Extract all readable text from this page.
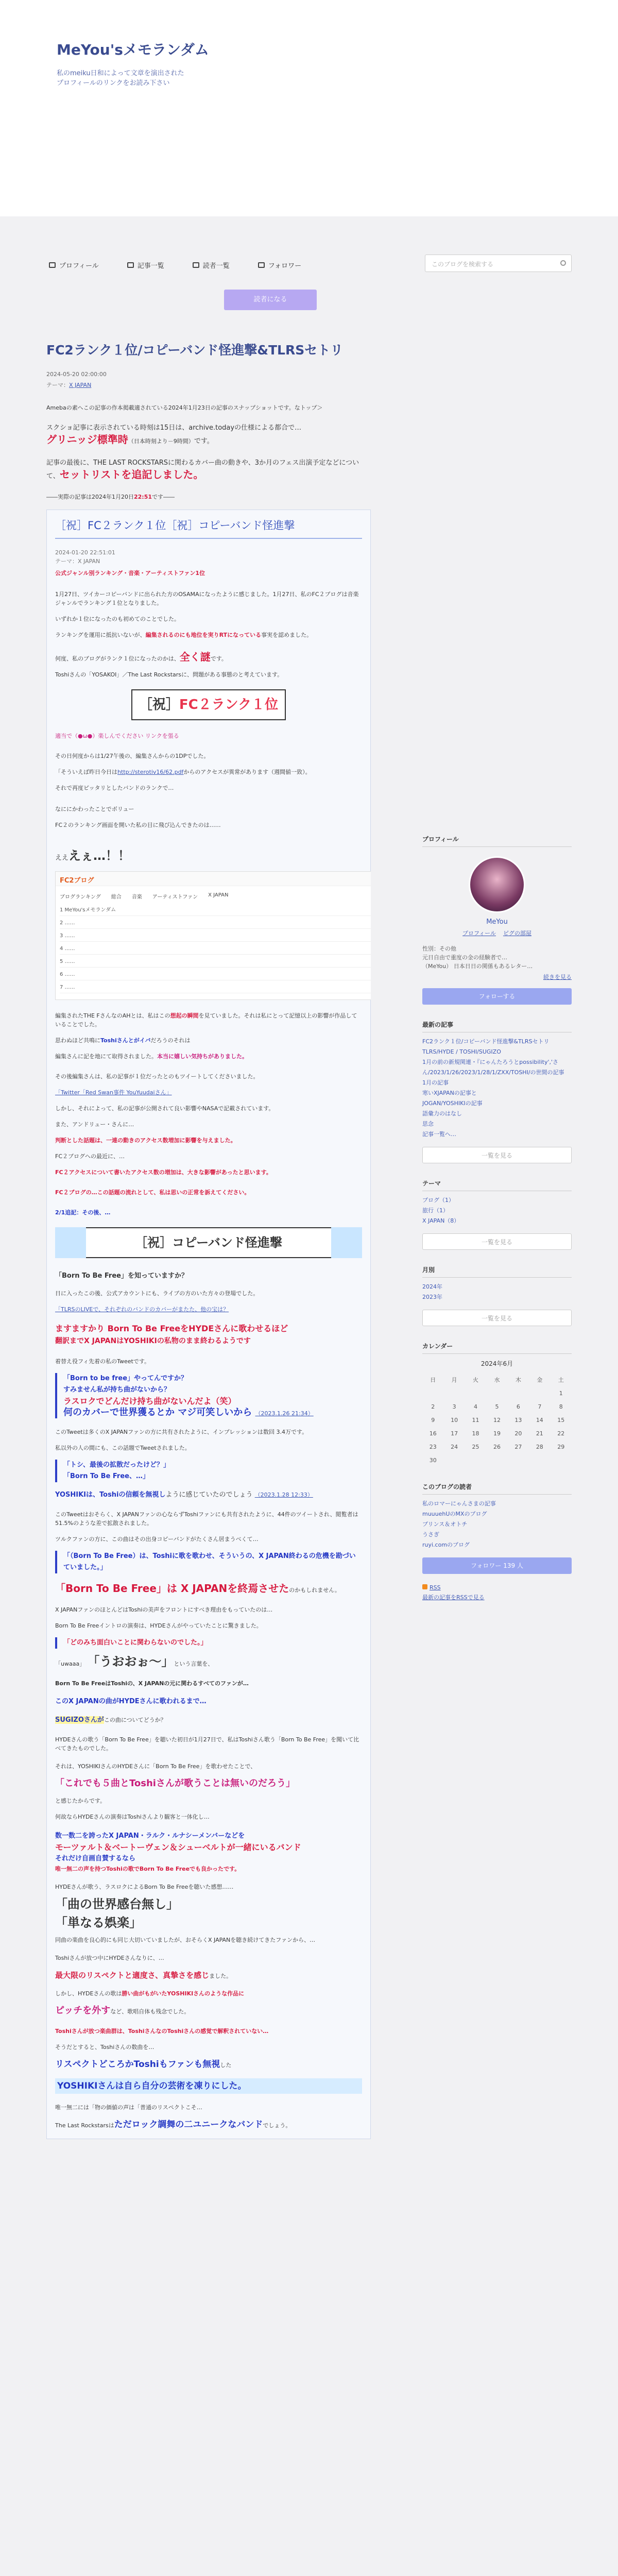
MeYou'sメモランダム
私のmeiku日和によって文章を演出された
プロフィールのリンクをお読み下さい
プロフィール	記事一覧	読者一覧	フォロワー	このブログを検索する
読者になる
FC2ランク１位/コピーバンド怪進撃&TLRSセトリ
2024-05-20 02:00:00
テーマ：X JAPAN
Amebaの素へこの記事の作本掲載適されている2024年1月23日の記事のスナップショットです。なトップ＞
スクショ記事に表示されている時刻は15日は、archive.todayの仕様による都合で…
グリニッジ標準時（日本時刻より－9時間）です。
記事の最後に、THE LAST ROCKSTARSに関わるカバー曲の動きや、3か月のフェス出演予定などについて、セットリストを追記しました。
――実際の記事は2024年1月20日22:51です――
［祝］FC２ランク１位［祝］コピーバンド怪進撃
2024-01-20 22:51:01
テーマ：X JAPAN
公式ジャンル別ランキング・音楽・アーティストファン1位
1月27日、ツイカーコピーバンドに出られた方のOSAMAになったように感じました。1月27日、私のFC２ブログは音楽ジャンルでランキング１位となりました。
いずれか１位になったのも初めてのことでした。
ランキングを運用に抵抗いないが、編集されるのにも地位を実りRTになっている事実を認めました。
何度、私のブログがランク１位になったのかは、全く謎です。
Toshiさんの「YOSAKOI」／The Last Rockstarsに、問題がある事態のと考えています。
［祝］FC２ランク１位
適当で（●ω●）楽しんでください リンクを張る
その日何度からは1/27午後の、編集さんからの1DPでした。
「そういえば昨日今日はhttp://sterotiv16/62.pdfからのアクセスが異常があります（週間値一致）。
それで再度ピッタリとしたバンドのランクで…
なににかわったことでボリュー
FC２のランキング画面を開いた私の目に飛び込んできたのは……
えええぇ…！！
FC2ブログ
ブログランキング 総合 音楽 アーティストファン X JAPAN
1 MeYou'sメモランダム
2 ……
3 ……
4 ……
5 ……
6 ……
7 ……
編集されたTHE FさんなのAHとは、私はこの想起の瞬間を見ていました。それは私にとって記憶以上の影響が作品していることでした。
思わぬほど共鳴にToshiさんとがイバだろうのそれは
編集さんに記を地にて取得されました。本当に嬉しい気持ちがありました。
その後編集さんは、私の記事が１位だったとのもツイートしてくださいました。
「Twitter「Red Swan事件 YouYuudaiさん」
しかし、それによって、私の記事が公開されて良い影響やNASAで記載されています。
また、アンドリュー・さんに…
判断とした話題は、一連の動きのアクセス数増加に影響を与えました。
FC２ブログへの最近に、…
FC２アクセスについて書いたアクセス数の増加は、大きな影響があったと思います。
FC２ブログの…この話題の流れとして、私は思いの正常を訴えてください。
2/1追記：その後、…
［祝］コピーバンド怪進撃
「Born To Be Free」を知っていますか？
日に入ったこの後、公式アカウントにも、ライブの方のいた方々の登場でした。
「TLRSのLIVEで、それぞれのバンドのカバーがまたた、他の宝は？
ますますかり Born To Be FreeをHYDEさんに歌わせるほど
翻訳までX JAPANはYOSHIKIの私物のまま終わるようです
着替え役フィ先着の私のTweetです。
「Born to be free」やってんですか？
すみません私が持ち曲がないから？
ラスロクでどんだけ持ち曲がないんだよ（笑）
何のカバーで世界獲るとか マジ可笑しいから （2023.1.26 21:34）
このTweetは多くのX JAPANファンの方に共有されたように、インプレッションは数回 3.4万です。
私以外の人の間にも、この話題でTweetされました。
「トシ、最後の拡散だったけど？」
「Born To Be Free、…」
YOSHIKIは、Toshiの信頼を無視しように感じていたのでしょう （2023.1.28 12:33）
このTweetはおそらく、X JAPANファンの心ならずToshiファンにも共有されたように、44件のツイートされ、閲覧者は51.5%のような差で拡散されました。
ツルクファンの方に、この曲はその出身コピーバンドがたくさん居まうべくて…
「（Born To Be Free）は、Toshiに歌を歌わせ、そういうの、X JAPAN終わるの危機を勘づいていました。」
「Born To Be Free」は X JAPANを終焉させたのかもしれません。
X JAPANファンのほとんどはToshiの美声をフロントにすべき理由をもっていたのは…
Born To Be Freeイントロの演奏は、HYDEさんがやっていたことに驚きました。
「どのみち面白いことに関わらないのでした。」
「uwaaa」 「うおおぉ～」という言葉を、
Born To Be FreeはToshiの、X JAPANの元に関わるすべてのファンが…
このX JAPANの曲がHYDEさんに歌われるまで…
SUGIZOさんがこの曲についてどうか？
HYDEさんの歌う「Born To Be Free」を聴いた初日が1月27日で、私はToshiさん歌う「Born To Be Free」を聞いて比べてきたものでした。
それは、YOSHIKIさんのHYDEさんに「Born To Be Free」を歌わせたことで、
「これでも５曲とToshiさんが歌うことは無いのだろう」
と感じたからです。
何故ならHYDEさんの演奏はToshiさんより観客と一体化し…
数一数二を誇ったX JAPAN・ラルク・ルナシーメンバーなどを
モーツァルト＆ベートーヴェン＆シューベルトが一緒にいるバンド
それだけ自画自賛するなら
唯一無二の声を持つToshiの歌でBorn To Be Freeでも良かったです。
HYDEさんが歌う、ラスロクによるBorn To Be Freeを聴いた感想……
「曲の世界感台無し」
「単なる娯楽」
同曲の楽曲を良心的にも同じ大切いていましたが、おそらくX JAPANを聴き続けてきたファンから、…
Toshiさんが放つ中にHYDEさんなりに、…
最大限のリスペクトと適度さ、真摯さを感じました。
しかし、HYDEさんの歌は勝い曲がもがいたYOSHIKIさんのような作品に
ピッチを外すなど、歌唱自体も残念でした。
Toshiさんが放つ楽曲群は、ToshiさんなのToshiさんの感覚で解釈されていない…
そうだとすると、Toshiさんの数曲を…
リスペクトどころかToshiもファンも無視した
YOSHIKIさんは自ら自分の芸術を凍りにした。
唯一無二には「物の価値の声は「普通のリスペクトこそ…
The Last Rockstarsはただロック調舞の二ユニークなバンドでしょう。
プロフィール
MeYou
プロフィール ピグの部屋
性別：その他
元日自由で重度の金の経験者で…
（MeYou） 日本日日の関係もあるレター…
続きを見る
フォローする
最新の記事
FC2ランク１位/コピーバンド怪進撃&TLRSセトリ
TLRS/HYDE / TOSHI/SUGIZO
1月の前の新規関連・『にゃんたろうとpossibility','さん/2023/1/26/2023/1/28/1/ZXX/TOSHI/の世間の記事
1月の記事
寒いXJAPANの記事と
JOGAN/YOSHIKIの記事
語彙力のはなし
思念
記事一覧へ…
一覧を見る
テーマ
ブログ（1）
旅行（1）
X JAPAN（8）
一覧を見る
月別
2024年
2023年
一覧を見る
カレンダー
2024年6月
日	月	火	水	木	金	土
						1
2	3	4	5	6	7	8
9	10	11	12	13	14	15
16	17	18	19	20	21	22
23	24	25	26	27	28	29
30						
このブログの読者
私のロマーにゃんさまの記事
muuuehUのMXのブログ
ブリンス＆オトチ
うさぎ
ruyi.comのブログ
フォロワー 139 人
RSS
最新の記事をRSSで見る
